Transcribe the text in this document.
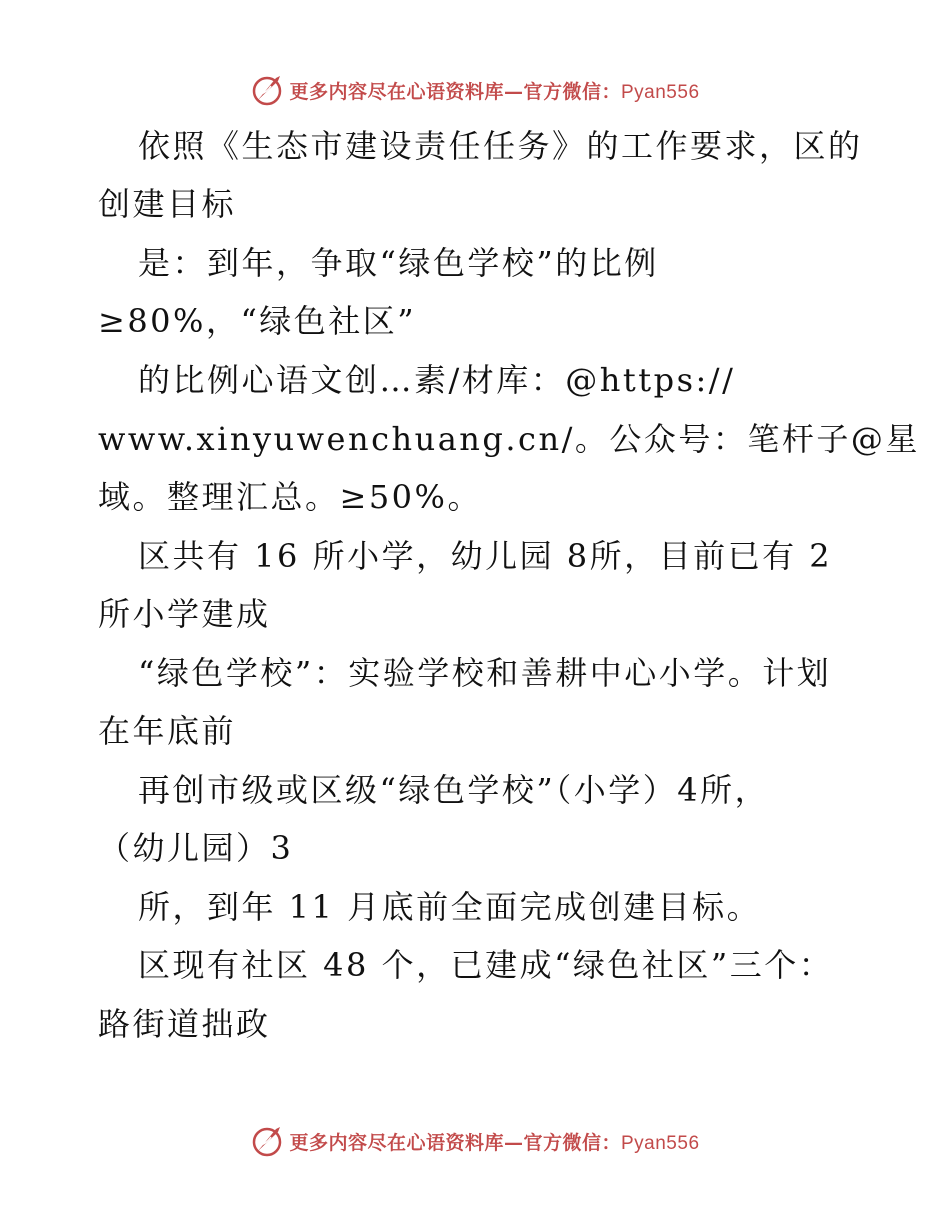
更多内容尽在心语资料库—官方微信：Pyan556
依照《生态市建设责任任务》的工作要求，区的
创建目标
是：到年，争取“绿色学校”的比例
≥80%，“绿色社区”
的比例心语文创…素/材库：@https://
www.xinyuwenchuang.cn/。公众号：笔杆子@星
域。整理汇总。≥50%。
区共有 16 所小学，幼儿园 8所，目前已有 2
所小学建成
“绿色学校”：实验学校和善耕中心小学。计划
在年底前
再创市级或区级“绿色学校”（小学）4所，
（幼儿园）3
所，到年 11 月底前全面完成创建目标。
区现有社区 48 个，已建成“绿色社区”三个：
路街道拙政
更多内容尽在心语资料库—官方微信：Pyan556
